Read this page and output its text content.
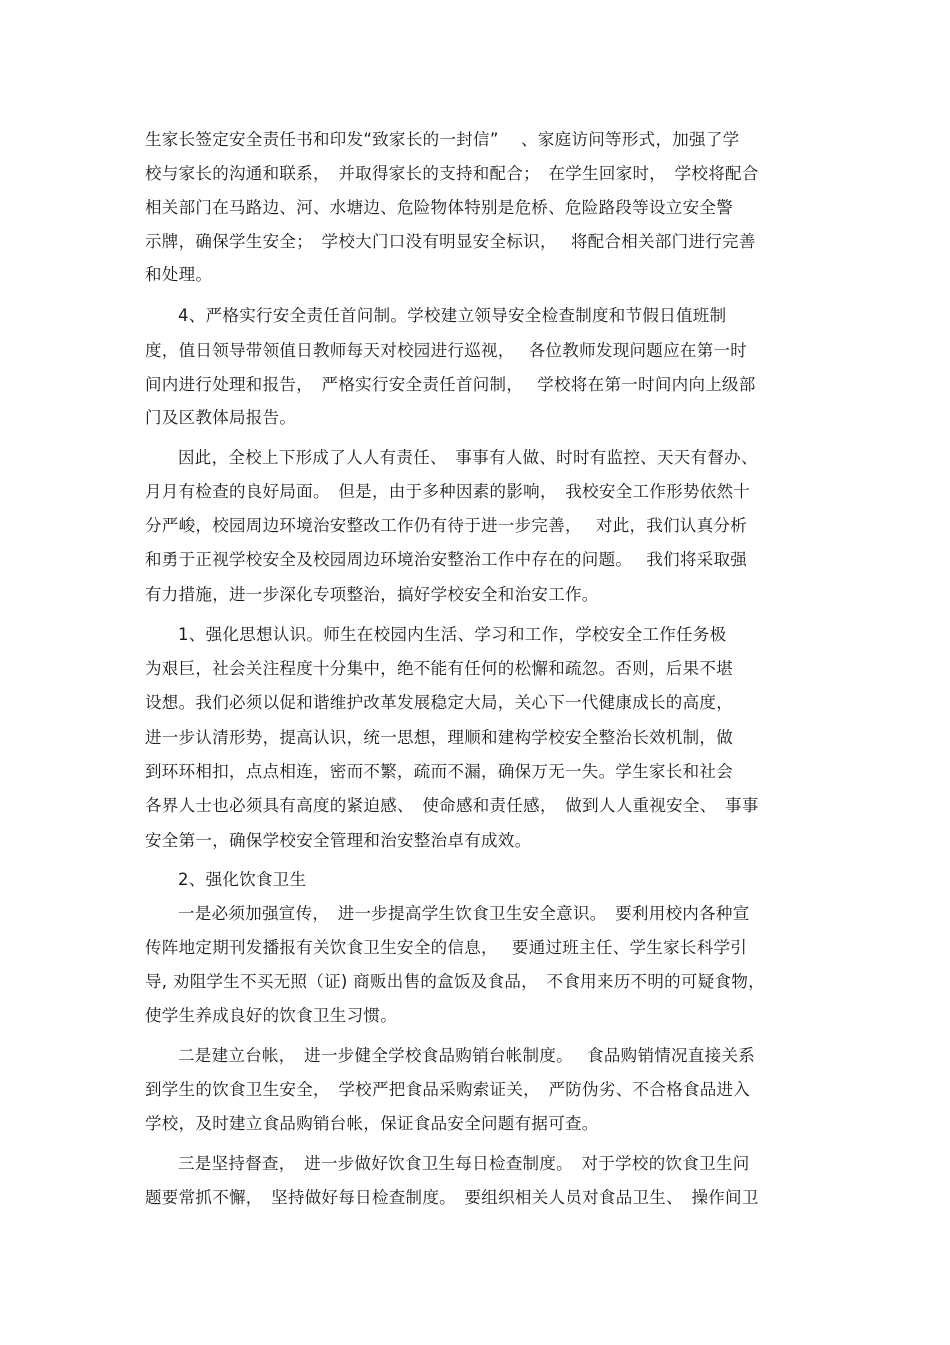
生家长签定安全责任书和印发“致家长的一封信”　 、家庭访问等形式，加强了学
校与家长的沟通和联系，　并取得家长的支持和配合；　在学生回家时，　学校将配合
相关部门在马路边、河、水塘边、危险物体特别是危桥、危险路段等设立安全警
示牌，确保学生安全；　学校大门口没有明显安全标识，　 将配合相关部门进行完善
和处理。
4、严格实行安全责任首问制。学校建立领导安全检查制度和节假日值班制
度，值日领导带领值日教师每天对校园进行巡视，　 各位教师发现问题应在第一时
间内进行处理和报告，　严格实行安全责任首问制，　 学校将在第一时间内向上级部
门及区教体局报告。
因此，全校上下形成了人人有责任、　事事有人做、时时有监控、天天有督办、
月月有检查的良好局面。　但是，由于多种因素的影响，　我校安全工作形势依然十
分严峻，校园周边环境治安整改工作仍有待于进一步完善，　 对此，我们认真分析
和勇于正视学校安全及校园周边环境治安整治工作中存在的问题。　 我们将采取强
有力措施，进一步深化专项整治，搞好学校安全和治安工作。
1、强化思想认识。师生在校园内生活、学习和工作，学校安全工作任务极
为艰巨，社会关注程度十分集中，绝不能有任何的松懈和疏忽。否则，后果不堪
设想。我们必须以促和谐维护改革发展稳定大局，关心下一代健康成长的高度，
进一步认清形势，提高认识，统一思想，理顺和建构学校安全整治长效机制，做
到环环相扣，点点相连，密而不繁，疏而不漏，确保万无一失。学生家长和社会
各界人士也必须具有高度的紧迫感、　使命感和责任感，　做到人人重视安全、　事事
安全第一，确保学校安全管理和治安整治卓有成效。
2、强化饮食卫生
一是必须加强宣传，　进一步提高学生饮食卫生安全意识。　要利用校内各种宣
传阵地定期刊发播报有关饮食卫生安全的信息，　 要通过班主任、学生家长科学引
导, 劝阻学生不买无照（证) 商贩出售的盒饭及食品，　不食用来历不明的可疑食物，
使学生养成良好的饮食卫生习惯。
二是建立台帐，　进一步健全学校食品购销台帐制度。　 食品购销情况直接关系
到学生的饮食卫生安全，　学校严把食品采购索证关，　严防伪劣、不合格食品进入
学校，及时建立食品购销台帐，保证食品安全问题有据可查。
三是坚持督查，　进一步做好饮食卫生每日检查制度。　对于学校的饮食卫生问
题要常抓不懈，　坚持做好每日检查制度。　要组织相关人员对食品卫生、　操作间卫
